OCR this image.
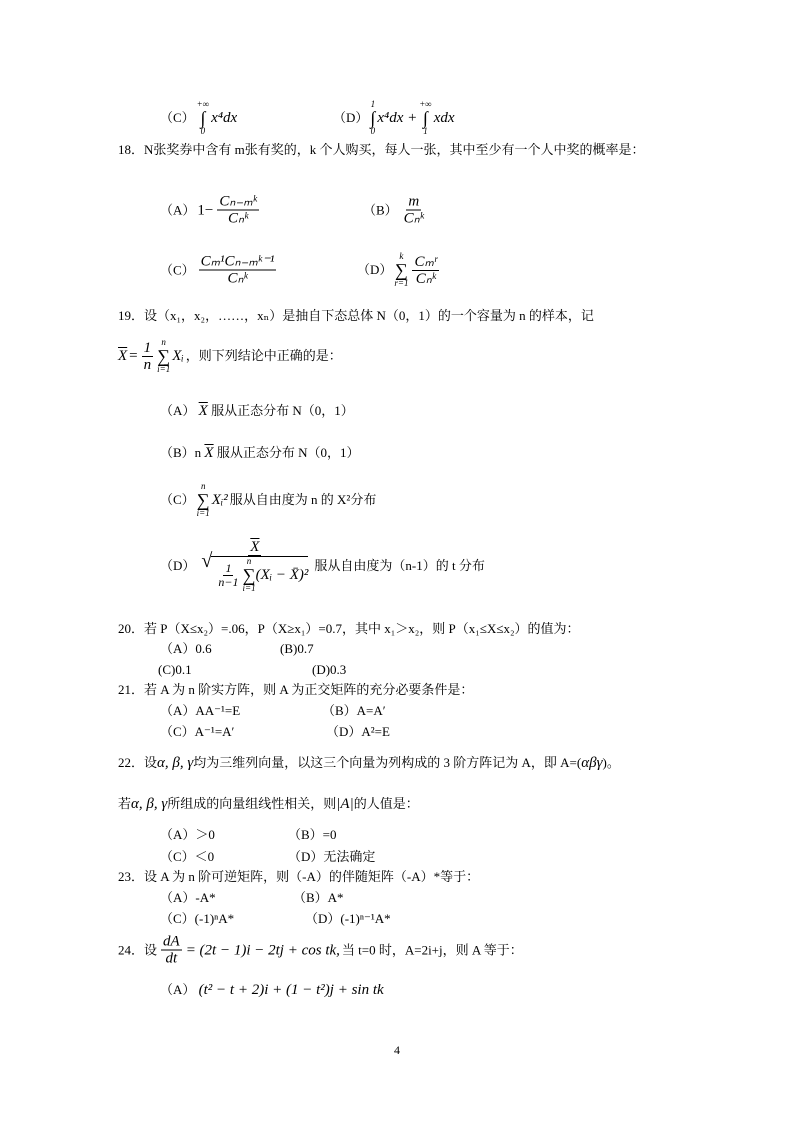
（C）
+∞
∫
0
x⁴dx	（D）
1
∫
0
x⁴dx +
+∞
∫
1
xdx
18．N张奖券中含有 m张有奖的，k 个人购买，每人一张，其中至少有一个人中奖的概率是：
（A） $1- \frac{\text{Cₙ₋ₘᵏ}}{\text{Cₙᵏ}}$	$(B) \frac{m}{\text{Cₙᵏ}}$
$(C) \frac{\text{Cₘ¹Cₙ₋ₘᵏ⁻¹}}{\text{Cₙᵏ}}$	（D）
k
∑
$r=1 \frac{\text{Cₘʳ}}{\text{Cₙᵏ}}$
19．设（x₁，x₂，……，xₙ）是抽自下态总体 N（0，1）的一个容量为 n 的样本，记
$\overline{X} = \frac{1}{n}$ n
∑
i=1
Xᵢ ，则下列结论中正确的是：
（A） $\overline{X}$ 服从正态分布 N（0，1）
（B）n $\overline{X}$ 服从正态分布 N（0，1）
（C）
n
∑
i=1
Xᵢ² 服从自由度为 n 的 X²分布
（D） $\overline{X}$
√ $\frac{1}{n-1}$
n
∑
i=1
(Xᵢ − X̄)² 服从自由度为（n-1）的 t 分布
20．若 P（X≤x₂）=.06，P（X≥x₁）=0.7，其中 x₁＞x₂，则 P（x₁≤X≤x₂）的值为：
（A）0.6	(B)0.7
(C)0.1	(D)0.3
21．若 A 为 n 阶实方阵，则 A 为正交矩阵的充分必要条件是：
（A）AA⁻¹=E	（B）A=A′
（C）A⁻¹=A′	（D）A²=E
22．设α, β, γ均为三维列向量，以这三个向量为列构成的 3 阶方阵记为 A，即 A=(αβγ)。
若α, β, γ所组成的向量组线性相关，则|A|的人值是：
（A）＞0	（B）=0
（C）＜0	（D）无法确定
23．设 A 为 n 阶可逆矩阵，则（-A）的伴随矩阵（-A）*等于：
（A）-A*	（B）A*
（C）(-1)ⁿA*	（D）(-1)ⁿ⁻¹A*
24．设 $\frac{dA}{dt} = (2t - 1)i - 2tj + \cos$ tk, 当 t=0 时，A=2i+j，则 A 等于：
（A） (t² − t + 2)i + (1 − t²)j + sin tk
4
